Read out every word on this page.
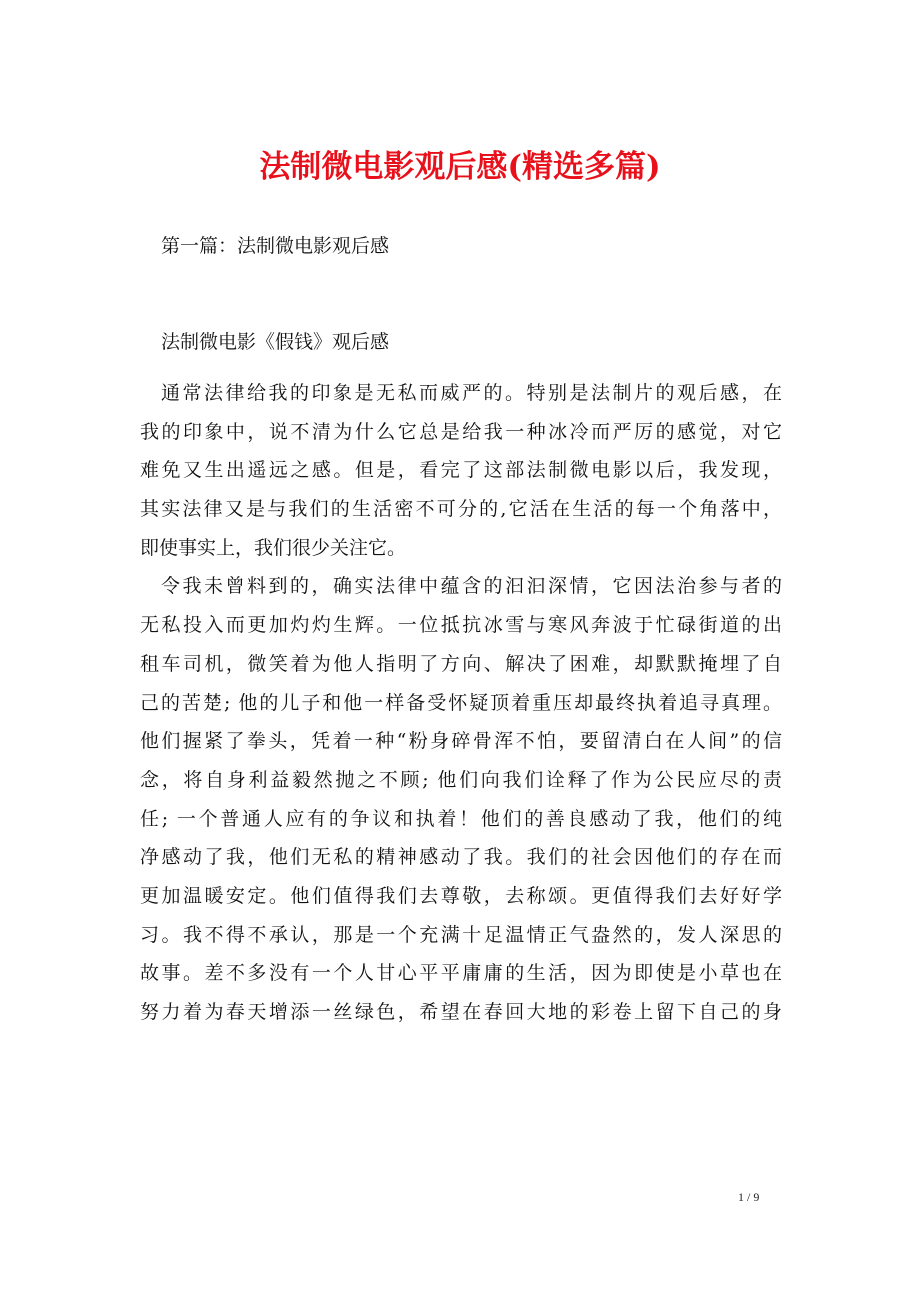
法制微电影观后感(精选多篇)

第一篇：法制微电影观后感

法制微电影《假钱》观后感

通常法律给我的印象是无私而威严的。特别是法制片的观后感，在
我的印象中，说不清为什么它总是给我一种冰冷而严厉的感觉，对它
难免又生出遥远之感。但是，看完了这部法制微电影以后，我发现，
其实法律又是与我们的生活密不可分的,它活在生活的每一个角落中，
即使事实上，我们很少关注它。
令我未曾料到的，确实法律中蕴含的汩汩深情，它因法治参与者的
无私投入而更加灼灼生辉。一位抵抗冰雪与寒风奔波于忙碌街道的出
租车司机，微笑着为他人指明了方向、解决了困难，却默默掩埋了自
己的苦楚; 他的儿子和他一样备受怀疑顶着重压却最终执着追寻真理。
他们握紧了拳头，凭着一种“粉身碎骨浑不怕，要留清白在人间”的信
念，将自身利益毅然抛之不顾; 他们向我们诠释了作为公民应尽的责
任; 一个普通人应有的争议和执着！他们的善良感动了我，他们的纯
净感动了我，他们无私的精神感动了我。我们的社会因他们的存在而
更加温暖安定。他们值得我们去尊敬，去称颂。更值得我们去好好学
习。我不得不承认，那是一个充满十足温情正气盎然的，发人深思的
故事。差不多没有一个人甘心平平庸庸的生活，因为即使是小草也在
努力着为春天增添一丝绿色，希望在春回大地的彩卷上留下自己的身
1 / 9
